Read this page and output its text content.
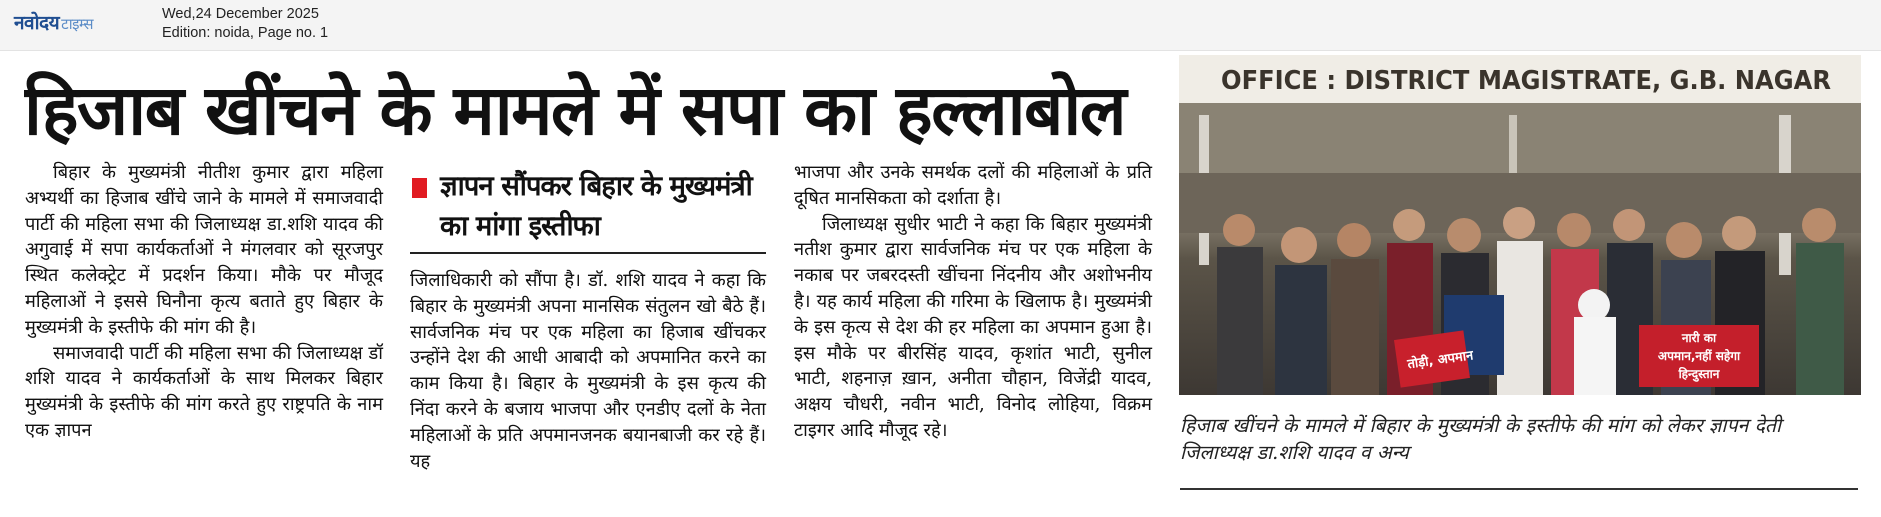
नवोदय टाइम्स
Wed,24 December 2025
Edition: noida, Page no. 1
हिजाब खींचने के मामले में सपा का हल्लाबोल

बिहार के मुख्यमंत्री नीतीश कुमार द्वारा महिला अभ्यर्थी का हिजाब खींचे जाने के मामले में समाजवादी पार्टी की महिला सभा की जिलाध्यक्ष डा.शशि यादव की अगुवाई में सपा कार्यकर्ताओं ने मंगलवार को सूरजपुर स्थित कलेक्ट्रेट में प्रदर्शन किया। मौके पर मौजूद महिलाओं ने इससे घिनौना कृत्य बताते हुए बिहार के मुख्यमंत्री के इस्तीफे की मांग की है।

समाजवादी पार्टी की महिला सभा की जिलाध्यक्ष डॉ शशि यादव ने कार्यकर्ताओं के साथ मिलकर बिहार मुख्यमंत्री के इस्तीफे की मांग करते हुए राष्ट्रपति के नाम एक ज्ञापन

ज्ञापन सौंपकर बिहार के मुख्यमंत्री का मांगा इस्तीफा

जिलाधिकारी को सौंपा है। डॉ. शशि यादव ने कहा कि बिहार के मुख्यमंत्री अपना मानसिक संतुलन खो बैठे हैं। सार्वजनिक मंच पर एक महिला का हिजाब खींचकर उन्होंने देश की आधी आबादी को अपमानित करने का काम किया है। बिहार के मुख्यमंत्री के इस कृत्य की निंदा करने के बजाय भाजपा और एनडीए दलों के नेता महिलाओं के प्रति अपमानजनक बयानबाजी कर रहे हैं। यह

भाजपा और उनके समर्थक दलों की महिलाओं के प्रति दूषित मानसिकता को दर्शाता है।

जिलाध्यक्ष सुधीर भाटी ने कहा कि बिहार मुख्यमंत्री नतीश कुमार द्वारा सार्वजनिक मंच पर एक महिला के नकाब पर जबरदस्ती खींचना निंदनीय और अशोभनीय है। यह कार्य महिला की गरिमा के खिलाफ है। मुख्यमंत्री के इस कृत्य से देश की हर महिला का अपमान हुआ है। इस मौके पर बीरसिंह यादव, कृशांत भाटी, सुनील भाटी, शहनाज़ ख़ान, अनीता चौहान, विजेंद्री यादव, अक्षय चौधरी, नवीन भाटी, विनोद लोहिया, विक्रम टाइगर आदि मौजूद रहे।

OFFICE : DISTRICT MAGISTRATE, G.B. NAGAR
तोड़ी, अपमान
नारी का
अपमान,नहीं सहेगा
हिन्दुस्तान
हिजाब खींचने के मामले में बिहार के मुख्यमंत्री के इस्तीफे की मांग को लेकर ज्ञापन देती जिलाध्यक्ष डा.शशि यादव व अन्य
